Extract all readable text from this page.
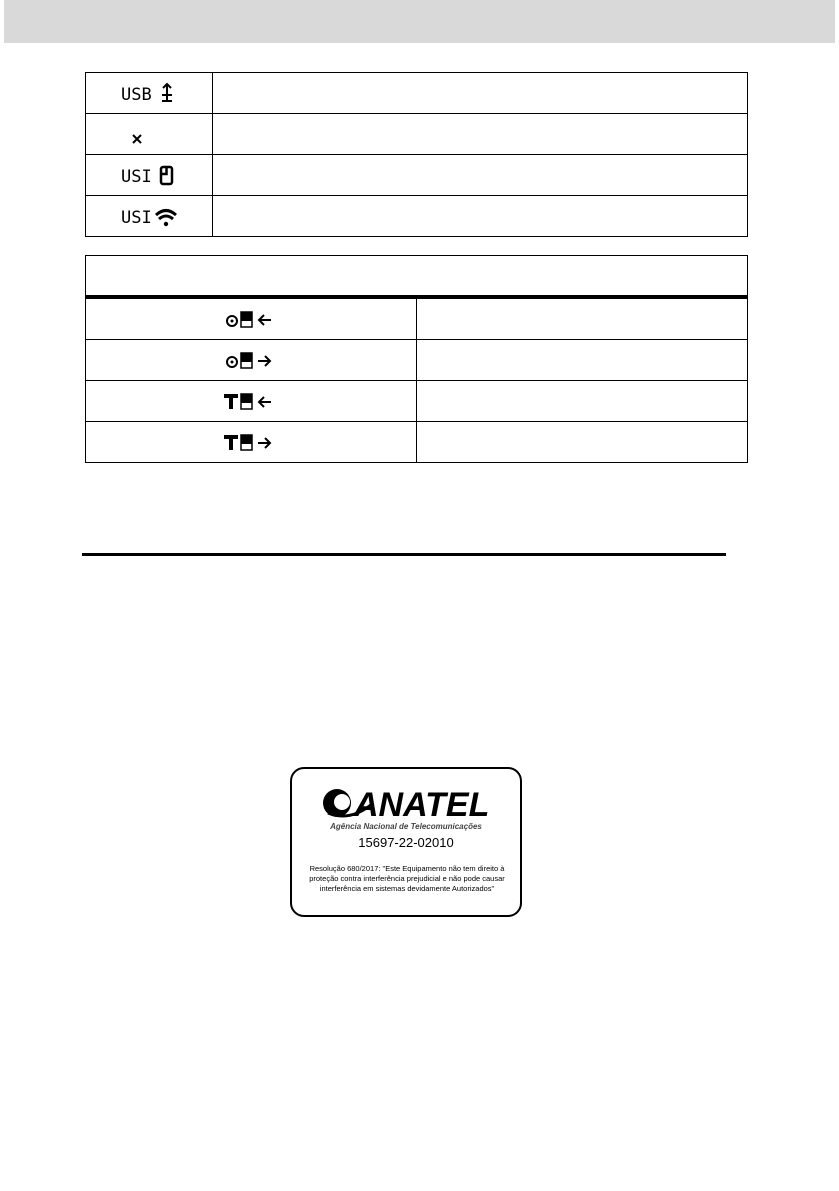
USB	

USI	

USI	

ANATEL
Agência Nacional de Telecomunicações
15697-22-02010
Resolução 680/2017: "Este Equipamento não tem direito à proteção contra interferência prejudicial e não pode causar interferência em sistemas devidamente Autorizados"
